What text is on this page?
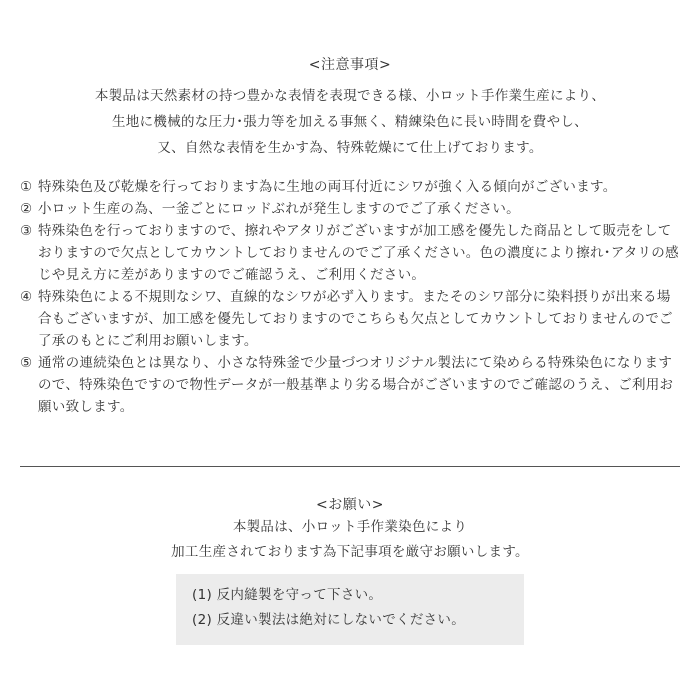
<注意事項>
本製品は天然素材の持つ豊かな表情を表現できる様、小ロット手作業生産により、
生地に機械的な圧力･張力等を加える事無く、精練染色に長い時間を費やし、
又、自然な表情を生かす為、特殊乾燥にて仕上げております。
① 特殊染色及び乾燥を行っております為に生地の両耳付近にシワが強く入る傾向がございます。
② 小ロット生産の為、一釜ごとにロッドぶれが発生しますのでご了承ください。
③ 特殊染色を行っておりますので、擦れやアタリがございますが加工感を優先した商品として販売をしておりますので欠点としてカウントしておりませんのでご了承ください。色の濃度により擦れ･アタリの感じや見え方に差がありますのでご確認うえ、ご利用ください。
④ 特殊染色による不規則なシワ、直線的なシワが必ず入ります。またそのシワ部分に染料摂りが出来る場合もございますが、加工感を優先しておりますのでこちらも欠点としてカウントしておりませんのでご了承のもとにご利用お願いします。
⑤ 通常の連続染色とは異なり、小さな特殊釜で少量づつオリジナル製法にて染めらる特殊染色になりますので、特殊染色ですので物性データが一般基準より劣る場合がございますのでご確認のうえ、ご利用お願い致します。
<お願い>
本製品は、小ロット手作業染色により
加工生産されております為下記事項を厳守お願いします。
(1) 反内縫製を守って下さい。
(2) 反違い製法は絶対にしないでください。
